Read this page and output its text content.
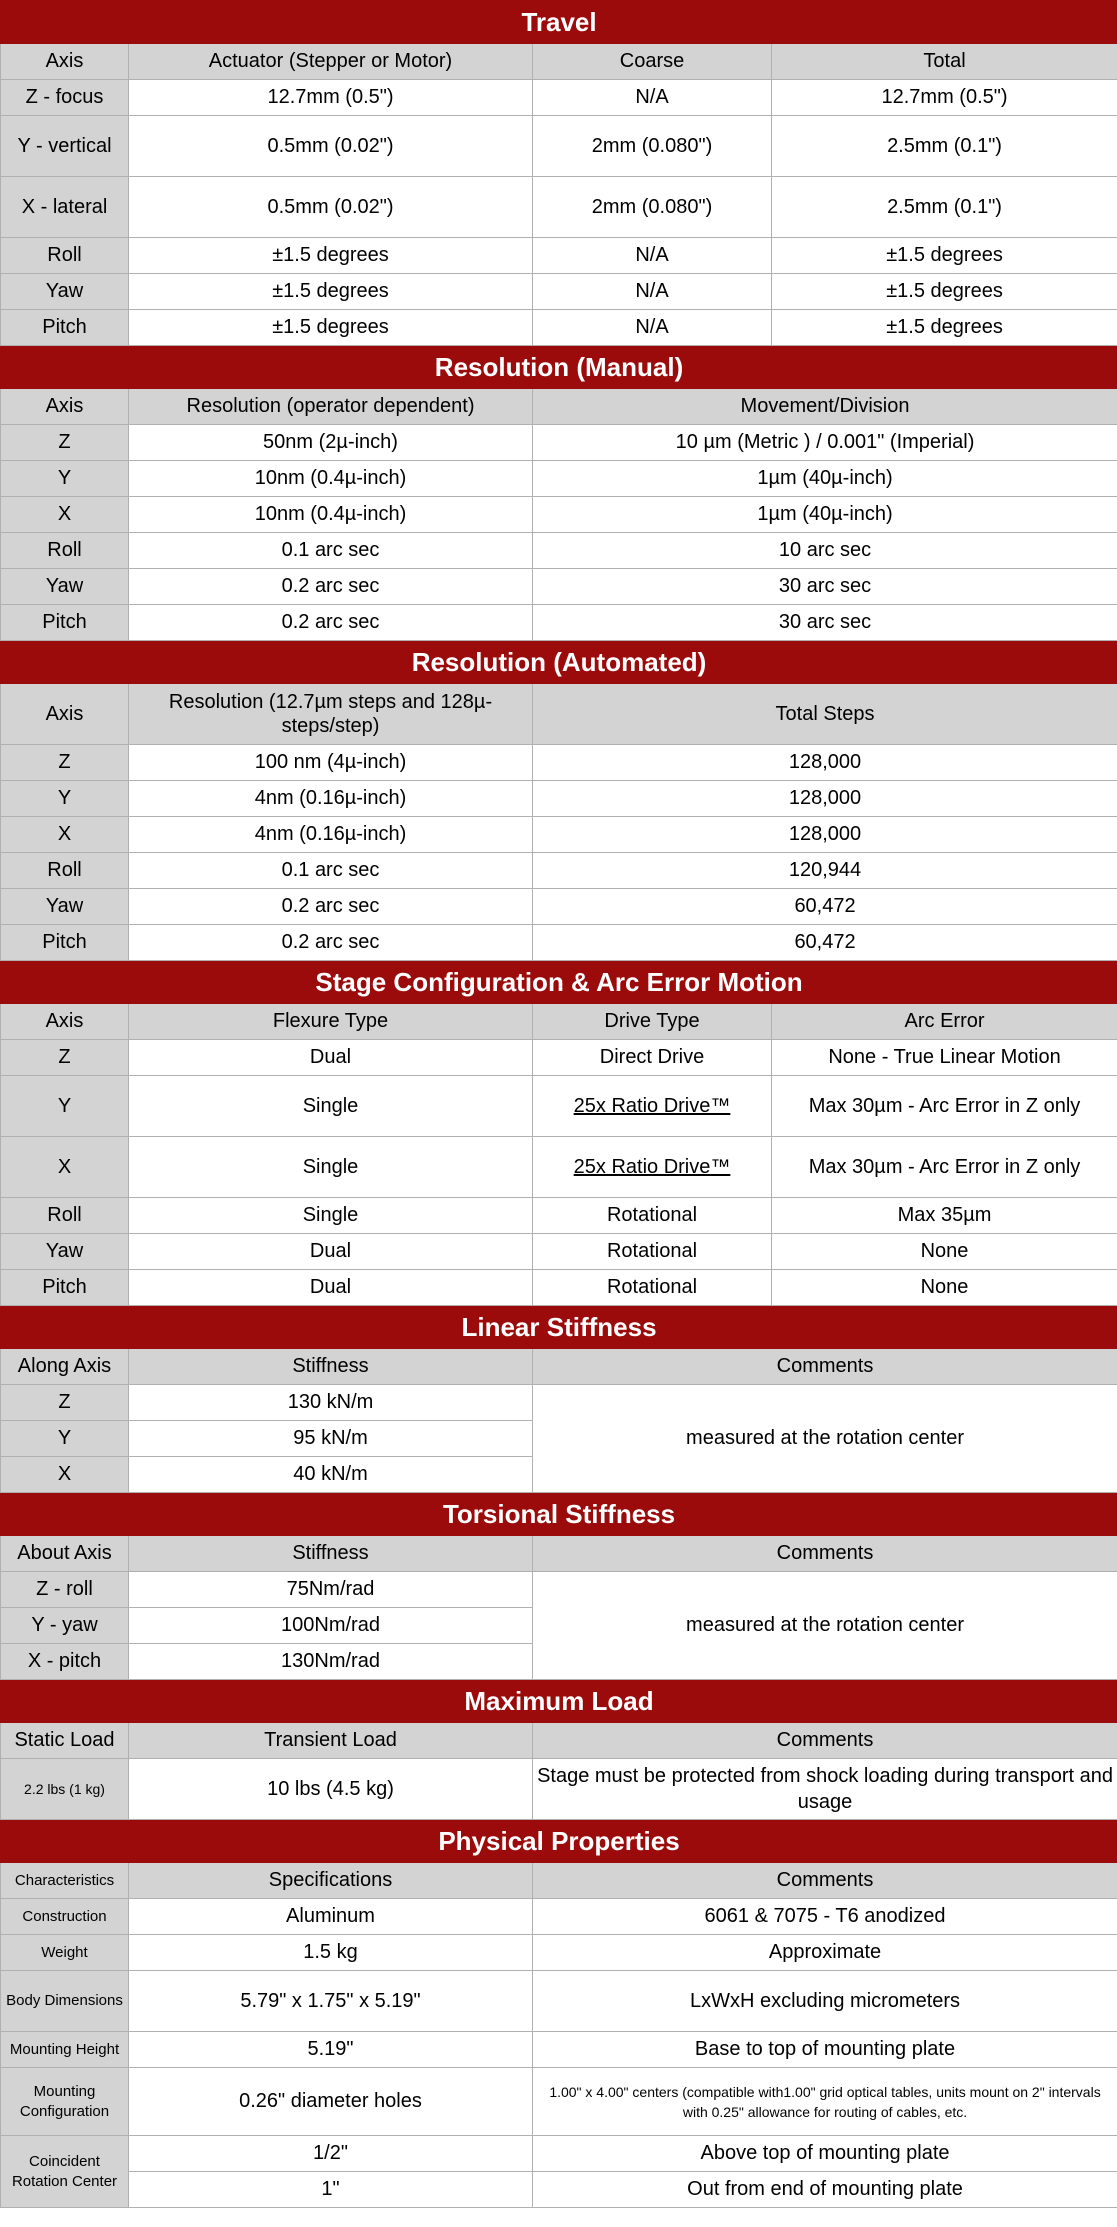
Travel			
Axis	Actuator (Stepper or Motor)	Coarse	Total
Z - focus	12.7mm (0.5")	N/A	12.7mm (0.5")
Y - vertical	0.5mm (0.02")	2mm (0.080")	2.5mm (0.1")
X - lateral	0.5mm (0.02")	2mm (0.080")	2.5mm (0.1")
Roll	±1.5 degrees	N/A	±1.5 degrees
Yaw	±1.5 degrees	N/A	±1.5 degrees
Pitch	±1.5 degrees	N/A	±1.5 degrees
Resolution (Manual)			
Axis	Resolution (operator dependent)	Movement/Division	
Z	50nm (2µ-inch)	10 µm (Metric ) / 0.001" (Imperial)	
Y	10nm (0.4µ-inch)	1µm (40µ-inch)	
X	10nm (0.4µ-inch)	1µm (40µ-inch)	
Roll	0.1 arc sec	10 arc sec	
Yaw	0.2 arc sec	30 arc sec	
Pitch	0.2 arc sec	30 arc sec	
Resolution (Automated)			
Axis	Resolution (12.7µm steps and 128µ-steps/step)	Total Steps	
Z	100 nm (4µ-inch)	128,000	
Y	4nm (0.16µ-inch)	128,000	
X	4nm (0.16µ-inch)	128,000	
Roll	0.1 arc sec	120,944	
Yaw	0.2 arc sec	60,472	
Pitch	0.2 arc sec	60,472	
Stage Configuration & Arc Error Motion			
Axis	Flexure Type	Drive Type	Arc Error
Z	Dual	Direct Drive	None - True Linear Motion
Y	Single	25x Ratio Drive™	Max 30µm - Arc Error in Z only
X	Single	25x Ratio Drive™	Max 30µm - Arc Error in Z only
Roll	Single	Rotational	Max 35µm
Yaw	Dual	Rotational	None
Pitch	Dual	Rotational	None
Linear Stiffness			
Along Axis	Stiffness	Comments	
Z	130 kN/m	measured at the rotation center	
Y	95 kN/m		
X	40 kN/m		
Torsional Stiffness			
About Axis	Stiffness	Comments	
Z - roll	75Nm/rad	measured at the rotation center	
Y - yaw	100Nm/rad		
X - pitch	130Nm/rad		
Maximum Load			
Static Load	Transient Load	Comments	
2.2 lbs (1 kg)	10 lbs (4.5 kg)	Stage must be protected from shock loading during transport and usage	
Physical Properties			
Characteristics	Specifications	Comments	
Construction	Aluminum	6061 & 7075 - T6 anodized	
Weight	1.5 kg	Approximate	
Body Dimensions	5.79" x 1.75" x 5.19"	LxWxH excluding micrometers	
Mounting Height	5.19"	Base to top of mounting plate	
Mounting Configuration	0.26" diameter holes	1.00" x 4.00" centers (compatible with1.00" grid optical tables, units mount on 2" intervals with 0.25" allowance for routing of cables, etc.	
Coincident Rotation Center	1/2"	Above top of mounting plate	
	1"	Out from end of mounting plate	
